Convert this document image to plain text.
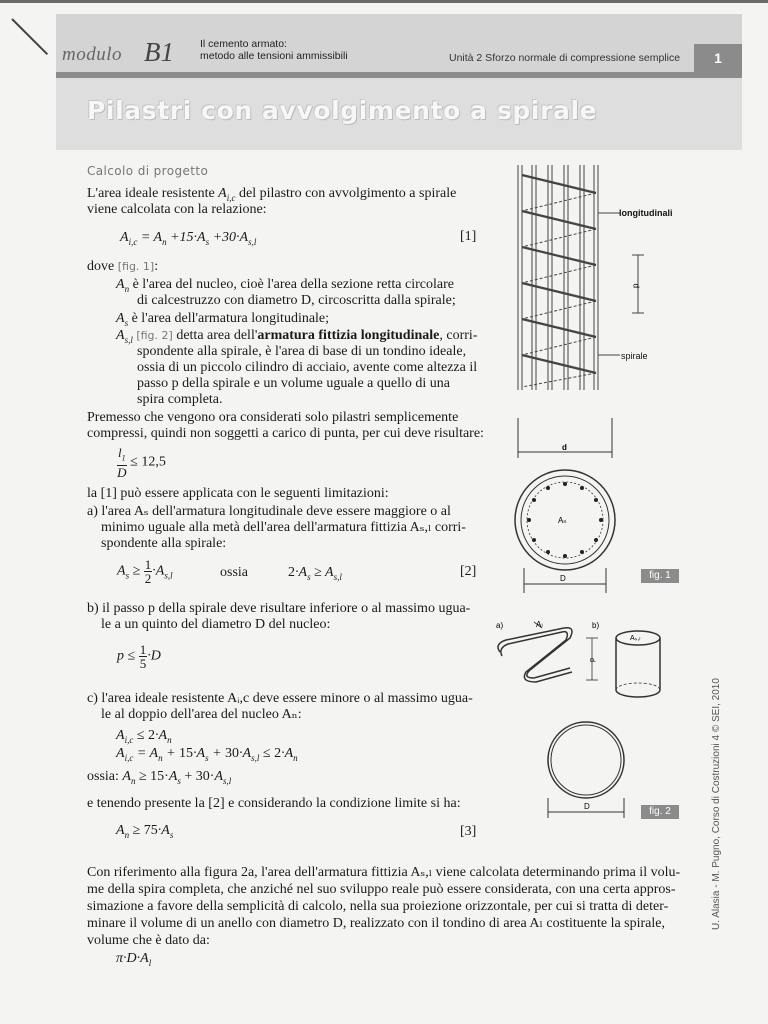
modulo B1 Il cemento armato:
metodo alle tensioni ammissibili	Unità 2 Sforzo normale di compressione semplice	1
Pilastri con avvolgimento a spirale
Calcolo di progetto
L'area ideale resistente $A_{i,c}$ del pilastro con avvolgimento a spirale
viene calcolata con la relazione:
$A_{i,c} = A_n +15\cdot A_s +30\cdot A_{s,l}$	[1]
dove [fig. 1]:
$A_n$ è l'area del nucleo, cioè l'area della sezione retta circolare
di calcestruzzo con diametro D, circoscritta dalla spirale;
$A_s$ è l'area dell'armatura longitudinale;
$A_{s,l}$ [fig. 2] detta area dell'armatura fittizia longitudinale, corri-
spondente alla spirale, è l'area di base di un tondino ideale,
ossia di un piccolo cilindro di acciaio, avente come altezza il
passo p della spirale e un volume uguale a quello di una
spira completa.
Premesso che vengono ora considerati solo pilastri semplicemente
compressi, quindi non soggetti a carico di punta, per cui deve risultare:
$\frac{l_1}{D} \le 12,5$
la [1] può essere applicata con le seguenti limitazioni:
a) l'area Aₛ dell'armatura longitudinale deve essere maggiore o al
minimo uguale alla metà dell'area dell'armatura fittizia Aₛ,ₗ corri-
spondente alla spirale:
$A_s \ge \frac{1}{2} \cdot A_{s,l}$	ossia	$2\cdot A_s \ge A_{s,l}$	[2]
b) il passo p della spirale deve risultare inferiore o al massimo ugua-
le a un quinto del diametro D del nucleo:
$p \le \frac{1}{5} \cdot D$
c) l'area ideale resistente Aᵢ,c deve essere minore o al massimo ugua-
le al doppio dell'area del nucleo Aₙ:
$A_{i,c} \le 2\cdot A_n$
$A_{i,c} = A_n + 15\cdot A_s + 30\cdot A_{s,l} \le 2\cdot A_n$
ossia: $A_n \ge 15\cdot A_s + 30\cdot A_{s,l}$
e tenendo presente la [2] e considerando la condizione limite si ha:
$A_n \ge 75\cdot A_s$	[3]
Con riferimento alla figura 2a, l'area dell'armatura fittizia Aₛ,ₗ viene calcolata determinando prima il volu-
me della spira completa, che anziché nel suo sviluppo reale può essere considerata, con una certa appros-
simazione a favore della semplicità di calcolo, nella sua proiezione orizzontale, per cui si tratta di deter-
minare il volume di un anello con diametro D, realizzato con il tondino di area Aₗ costituente la spirale,
volume che è dato da:
$\pi\cdot D\cdot A_l$
p
longitudinali
spirale
d
Aₙ
D	fig. 1
a)	Aₗ	b)
Aₛ,ₗ
p
D	fig. 2	U. Alasia - M. Pugno, Corso di Costruzioni 4 © SEI, 2010
